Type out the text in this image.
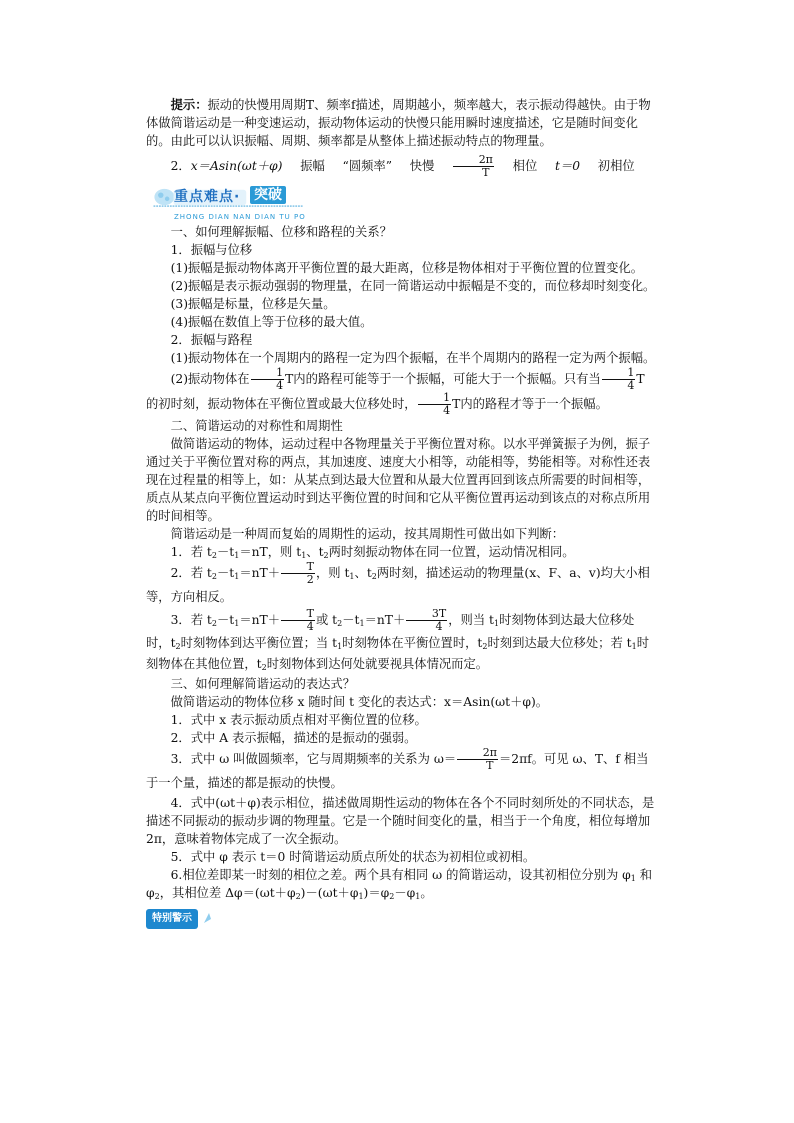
提示：振动的快慢用周期T、频率f描述，周期越小，频率越大，表示振动得越快。由于物体做简谐运动是一种变速运动，振动物体运动的快慢只能用瞬时速度描述，它是随时间变化的。由此可以认识振幅、周期、频率都是从整体上描述振动特点的物理量。

2．x＝Asin(ωt＋φ) 振幅 “圆频率” 快慢 $\frac{2\pi}{T}$ 相位 t＝0 初相位

重点难点· 突破
ZHONG DIAN NAN DIAN TU PO

一、如何理解振幅、位移和路程的关系？

1．振幅与位移

(1)振幅是振动物体离开平衡位置的最大距离，位移是物体相对于平衡位置的位置变化。

(2)振幅是表示振动强弱的物理量，在同一简谐运动中振幅是不变的，而位移却时刻变化。

(3)振幅是标量，位移是矢量。

(4)振幅在数值上等于位移的最大值。

2．振幅与路程

(1)振动物体在一个周期内的路程一定为四个振幅，在半个周期内的路程一定为两个振幅。

(2)振动物体在 $\frac{1}{4}$ T内的路程可能等于一个振幅，可能大于一个振幅。只有当 $\frac{1}{4}$ T的初时刻，振动物体在平衡位置或最大位移处时， $\frac{1}{4}$ T内的路程才等于一个振幅。

二、简谐运动的对称性和周期性

做简谐运动的物体，运动过程中各物理量关于平衡位置对称。以水平弹簧振子为例，振子通过关于平衡位置对称的两点，其加速度、速度大小相等，动能相等，势能相等。对称性还表现在过程量的相等上，如：从某点到达最大位置和从最大位置再回到该点所需要的时间相等，质点从某点向平衡位置运动时到达平衡位置的时间和它从平衡位置再运动到该点的对称点所用的时间相等。

简谐运动是一种周而复始的周期性的运动，按其周期性可做出如下判断：

1．若 $t_2-t_1=nT$，则 $t_1$、$t_2$两时刻振动物体在同一位置，运动情况相同。

2．若 $t_2-t_1=nT+ \frac{T}{2}$ ，则 $t_1$、$t_2$两时刻，描述运动的物理量(x、F、a、v)均大小相等，方向相反。

3．若 $t_2-t_1=nT+ \frac{T}{4}$ 或 $t_2-t_1=nT+ \frac{3T}{4}$ ，则当 $t_1$时刻物体到达最大位移处时，$t_2$时刻物体到达平衡位置；当 $t_1$时刻物体在平衡位置时，$t_2$时刻到达最大位移处；若 $t_1$时刻物体在其他位置，$t_2$时刻物体到达何处就要视具体情况而定。

三、如何理解简谐运动的表达式？

做简谐运动的物体位移 x 随时间 t 变化的表达式：x＝Asin(ωt＋φ)。

1．式中 x 表示振动质点相对平衡位置的位移。

2．式中 A 表示振幅，描述的是振动的强弱。

3．式中 ω 叫做圆频率，它与周期频率的关系为 $\omega= \frac{2\pi}{T} =2\pi f$。可见 ω、T、f 相当于一个量，描述的都是振动的快慢。

4．式中(ωt＋φ)表示相位，描述做周期性运动的物体在各个不同时刻所处的不同状态，是描述不同振动的振动步调的物理量。它是一个随时间变化的量，相当于一个角度，相位每增加 2π，意味着物体完成了一次全振动。

5．式中 φ 表示 t＝0 时简谐运动质点所处的状态为初相位或初相。

6.相位差即某一时刻的相位之差。两个具有相同 ω 的简谐运动，设其初相位分别为 $\varphi_1$ 和 $\varphi_2$，其相位差 $\Delta\varphi=(\omega t+\varphi_2)-(\omega t+\varphi_1)=\varphi_2-\varphi_1$。

特别警示
